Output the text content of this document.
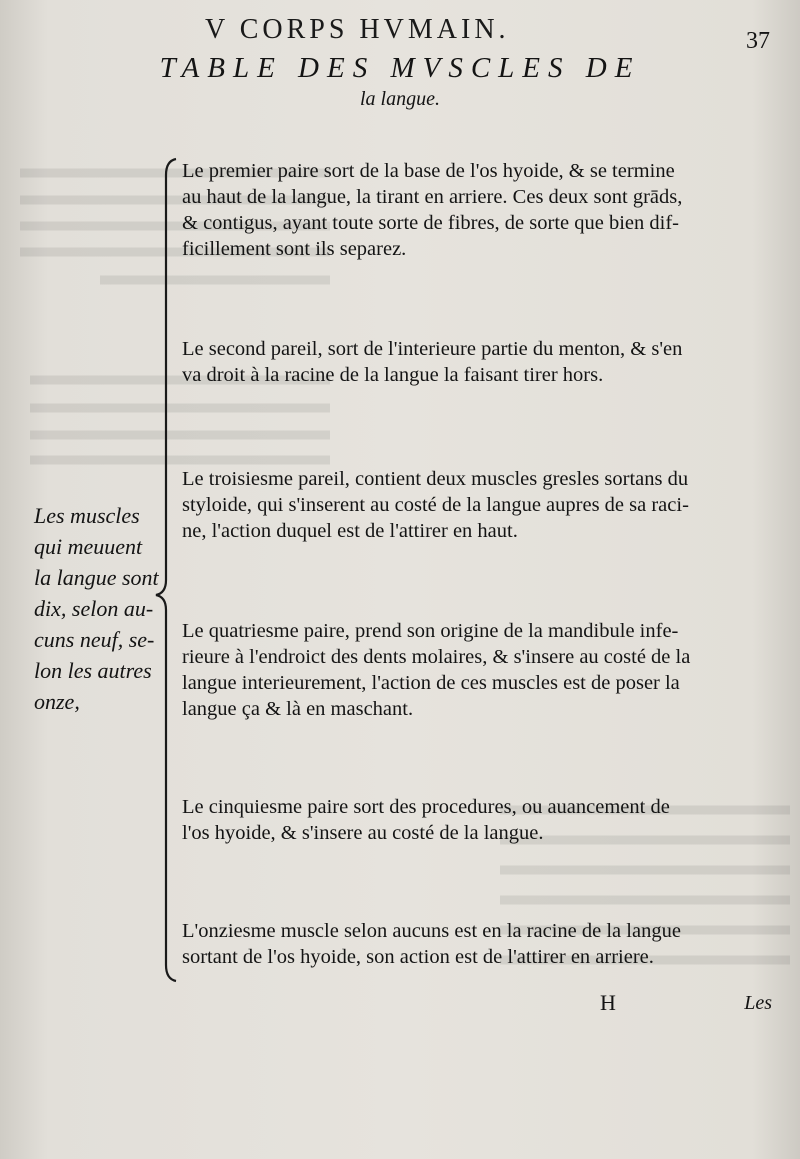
V CORPS HVMAIN.	37
TABLE DES MVSCLES DE
la langue.
Les muscles
qui meuuent
la langue sont
dix, selon au-
cuns neuf, se-
lon les autres
onze,
Le premier paire sort de la base de l'os hyoide, & se termine
au haut de la langue, la tirant en arriere. Ces deux sont grāds,
& contigus, ayant toute sorte de fibres, de sorte que bien dif-
ficillement sont ils separez.
Le second pareil, sort de l'interieure partie du menton, & s'en
va droit à la racine de la langue la faisant tirer hors.
Le troisiesme pareil, contient deux muscles gresles sortans du
styloide, qui s'inserent au costé de la langue aupres de sa raci-
ne, l'action duquel est de l'attirer en haut.
Le quatriesme paire, prend son origine de la mandibule infe-
rieure à l'endroict des dents molaires, & s'insere au costé de la
langue interieurement, l'action de ces muscles est de poser la
langue ça & là en maschant.
Le cinquiesme paire sort des procedures, ou auancement de
l'os hyoide, & s'insere au costé de la langue.
L'onziesme muscle selon aucuns est en la racine de la langue
sortant de l'os hyoide, son action est de l'attirer en arriere.
H	Les
